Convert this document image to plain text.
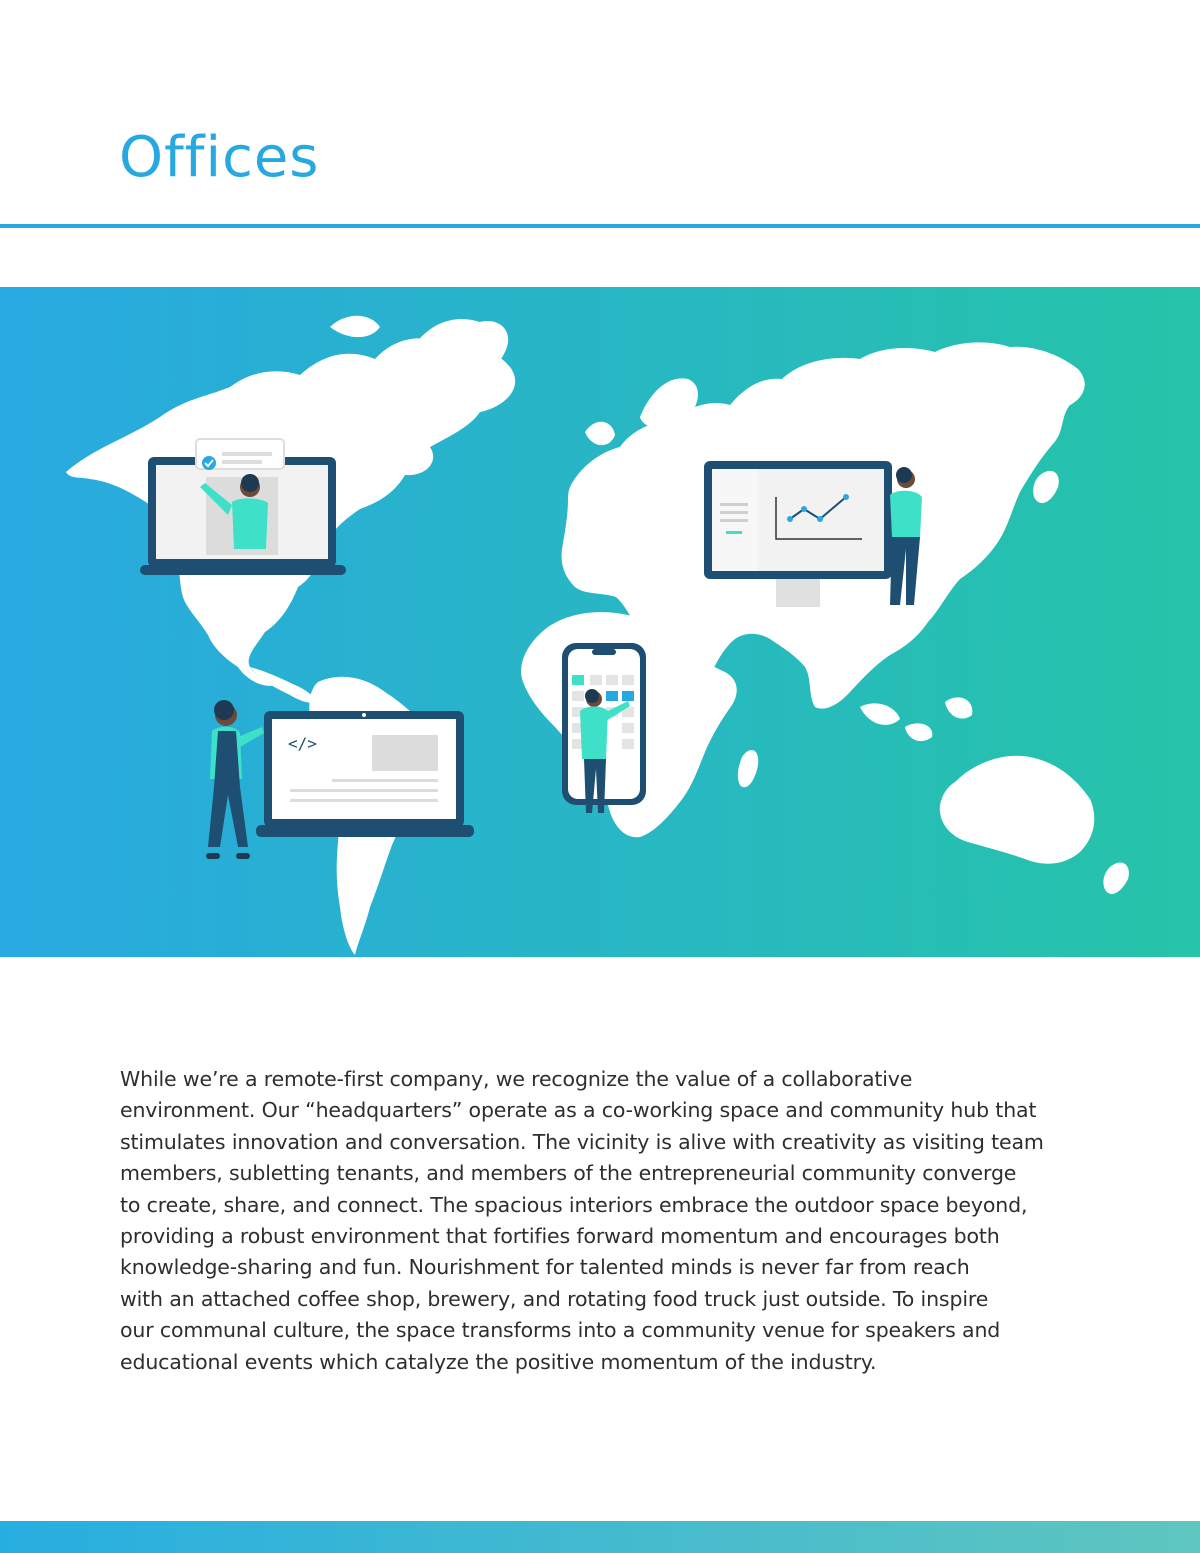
Offices
</>

While we’re a remote-first company, we recognize the value of a collaborative
environment. Our “headquarters” operate as a co-working space and community hub that
stimulates innovation and conversation. The vicinity is alive with creativity as visiting team
members, subletting tenants, and members of the entrepreneurial community converge
to create, share, and connect. The spacious interiors embrace the outdoor space beyond,
providing a robust environment that fortifies forward momentum and encourages both
knowledge-sharing and fun. Nourishment for talented minds is never far from reach
with an attached coffee shop, brewery, and rotating food truck just outside. To inspire
our communal culture, the space transforms into a community venue for speakers and
educational events which catalyze the positive momentum of the industry.
